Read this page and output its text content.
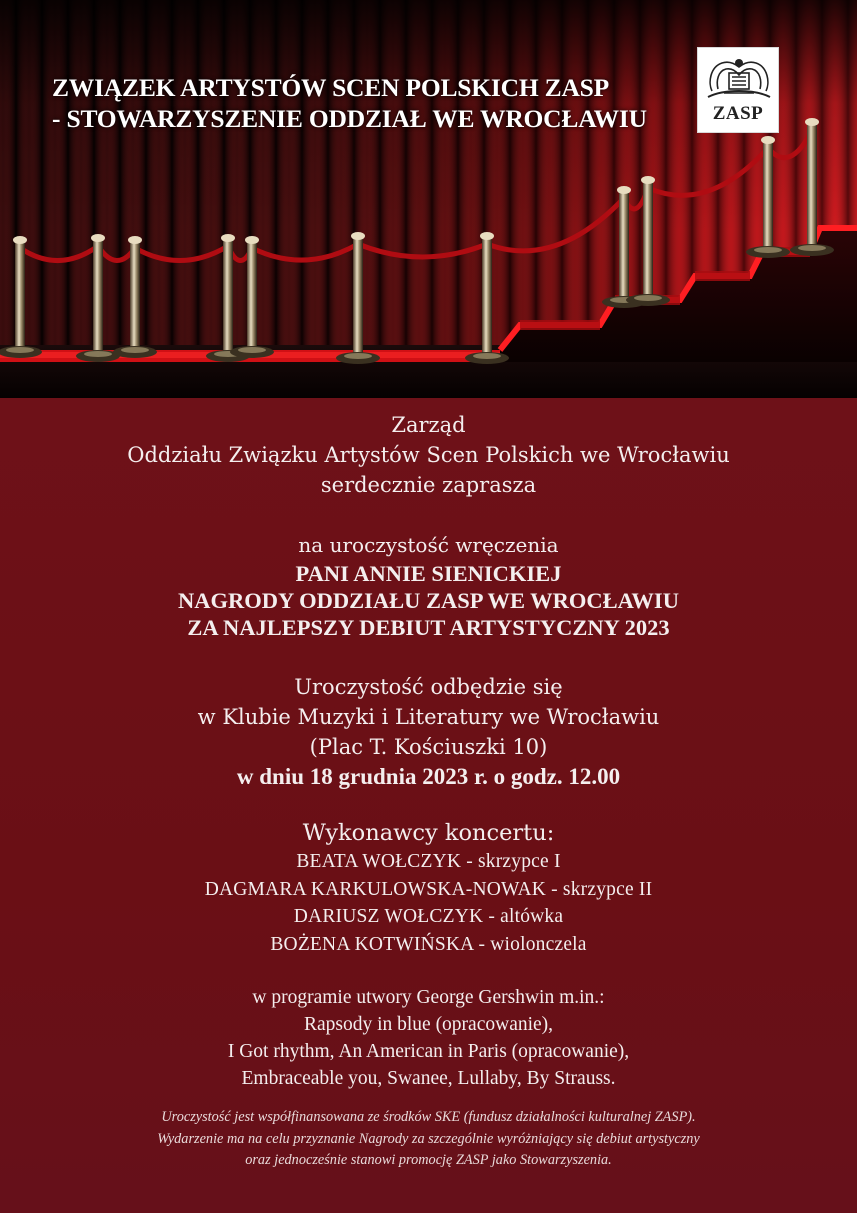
ZWIĄZEK ARTYSTÓW SCEN POLSKICH ZASP
- STOWARZYSZENIE ODDZIAŁ WE WROCŁAWIU	ZASP
Zarząd
Oddziału Związku Artystów Scen Polskich we Wrocławiu
serdecznie zaprasza
na uroczystość wręczenia
PANI ANNIE SIENICKIEJ
NAGRODY ODDZIAŁU ZASP WE WROCŁAWIU
ZA NAJLEPSZY DEBIUT ARTYSTYCZNY 2023
Uroczystość odbędzie się
w Klubie Muzyki i Literatury we Wrocławiu
(Plac T. Kościuszki 10)
w dniu 18 grudnia 2023 r. o godz. 12.00
Wykonawcy koncertu:
BEATA WOŁCZYK - skrzypce I
DAGMARA KARKULOWSKA-NOWAK - skrzypce II
DARIUSZ WOŁCZYK - altówka
BOŻENA KOTWIŃSKA - wiolonczela
w programie utwory George Gershwin m.in.:
Rapsody in blue (opracowanie),
I Got rhythm, An American in Paris (opracowanie),
Embraceable you, Swanee, Lullaby, By Strauss.
Uroczystość jest współfinansowana ze środków SKE (fundusz działalności kulturalnej ZASP).
Wydarzenie ma na celu przyznanie Nagrody za szczególnie wyróżniający się debiut artystyczny
oraz jednocześnie stanowi promocję ZASP jako Stowarzyszenia.
